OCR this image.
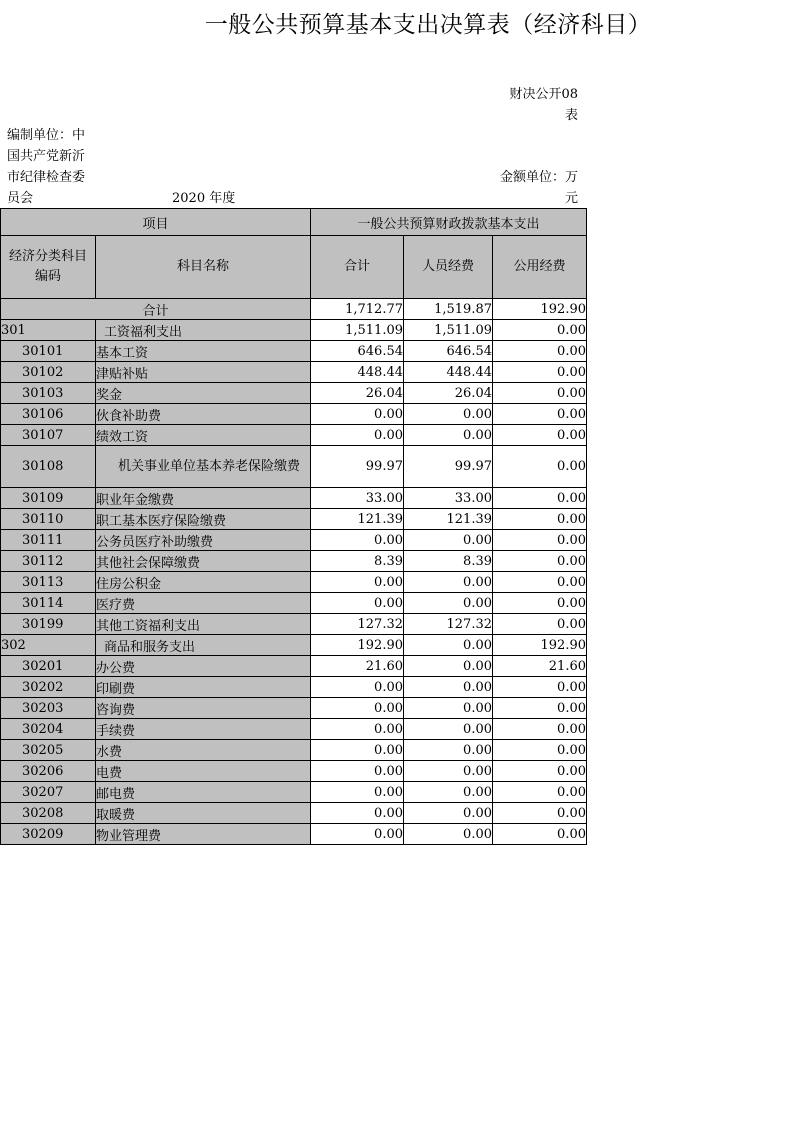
一般公共预算基本支出决算表（经济科目）
财决公开08
表
编制单位：中
国共产党新沂
市纪律检查委
员会	2020 年度
金额单位：万
元
项目		一般公共预算财政拨款基本支出		
经济分类科目编码	科目名称	合计	人员经费	公用经费
合计		1,712.77	1,519.87	192.90
301	工资福利支出	1,511.09	1,511.09	0.00
30101	基本工资	646.54	646.54	0.00
30102	津贴补贴	448.44	448.44	0.00
30103	奖金	26.04	26.04	0.00
30106	伙食补助费	0.00	0.00	0.00
30107	绩效工资	0.00	0.00	0.00
30108	机关事业单位基本养老保险缴费	99.97	99.97	0.00
30109	职业年金缴费	33.00	33.00	0.00
30110	职工基本医疗保险缴费	121.39	121.39	0.00
30111	公务员医疗补助缴费	0.00	0.00	0.00
30112	其他社会保障缴费	8.39	8.39	0.00
30113	住房公积金	0.00	0.00	0.00
30114	医疗费	0.00	0.00	0.00
30199	其他工资福利支出	127.32	127.32	0.00
302	商品和服务支出	192.90	0.00	192.90
30201	办公费	21.60	0.00	21.60
30202	印刷费	0.00	0.00	0.00
30203	咨询费	0.00	0.00	0.00
30204	手续费	0.00	0.00	0.00
30205	水费	0.00	0.00	0.00
30206	电费	0.00	0.00	0.00
30207	邮电费	0.00	0.00	0.00
30208	取暖费	0.00	0.00	0.00
30209	物业管理费	0.00	0.00	0.00
